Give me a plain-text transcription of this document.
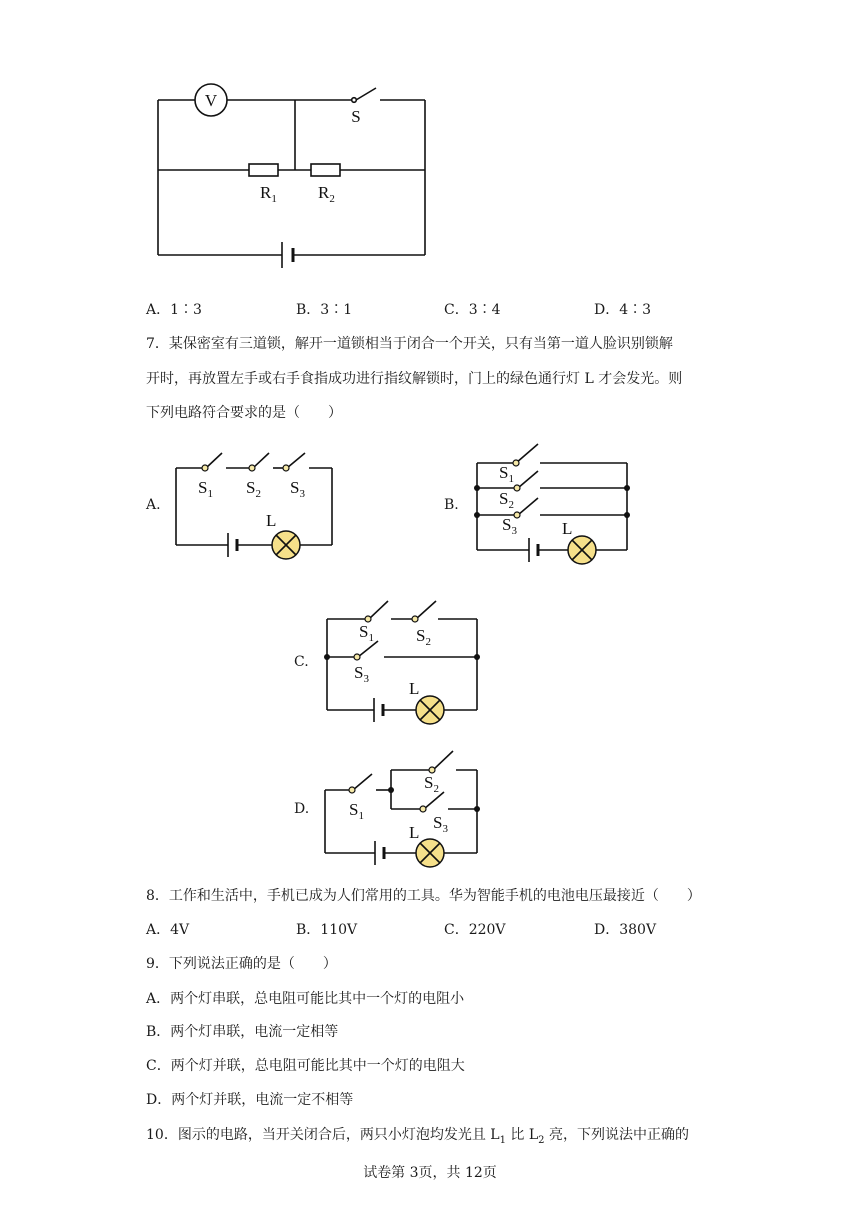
V
S
$R_1$ $R_2$
A．1∶3	B．3∶1	C．3∶4	D．4∶3
7．某保密室有三道锁，解开一道锁相当于闭合一个开关，只有当第一道人脸识别锁解
开时，再放置左手或右手食指成功进行指纹解锁时，门上的绿色通行灯 L 才会发光。则
下列电路符合要求的是（　　）
A.	B.
C.
D.
$S_1$ $S_2$ $S_3$
L
$S_1$
$S_2$
$S_3$	L
$S_1$ $S_2$
$S_3$ L
$S_1$
$S_2$
$S_3$
L
8．工作和生活中，手机已成为人们常用的工具。华为智能手机的电池电压最接近（　　）
A．4V	B．110V	C．220V	D．380V
9．下列说法正确的是（　　）
A．两个灯串联，总电阻可能比其中一个灯的电阻小
B．两个灯串联，电流一定相等
C．两个灯并联，总电阻可能比其中一个灯的电阻大
D．两个灯并联，电流一定不相等
10．图示的电路，当开关闭合后，两只小灯泡均发光且 $L_1$ 比 $L_2$ 亮，下列说法中正确的
试卷第 3页，共 12页
